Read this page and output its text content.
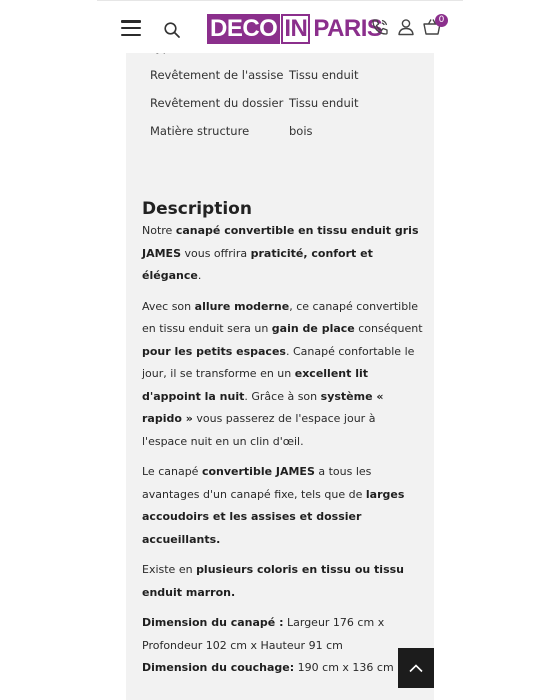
DECO IN PARIS	0
Revêtement de l'assise Tissu enduit
Revêtement du dossier Tissu enduit
Matière structure	bois
Description

Notre canapé convertible en tissu enduit gris JAMES vous offrira praticité, confort et élégance.

Avec son allure moderne, ce canapé convertible en tissu enduit sera un gain de place conséquent pour les petits espaces. Canapé confortable le jour, il se transforme en un excellent lit d'appoint la nuit. Grâce à son système « rapido » vous passerez de l'espace jour à l'espace nuit en un clin d'œil.

Le canapé convertible JAMES a tous les avantages d'un canapé fixe, tels que de larges accoudoirs et les assises et dossier accueillants.

Existe en plusieurs coloris en tissu ou tissu enduit marron.

Dimension du canapé : Largeur 176 cm x Profondeur 102 cm x Hauteur 91 cm
Dimension du couchage: 190 cm x 136 cm
